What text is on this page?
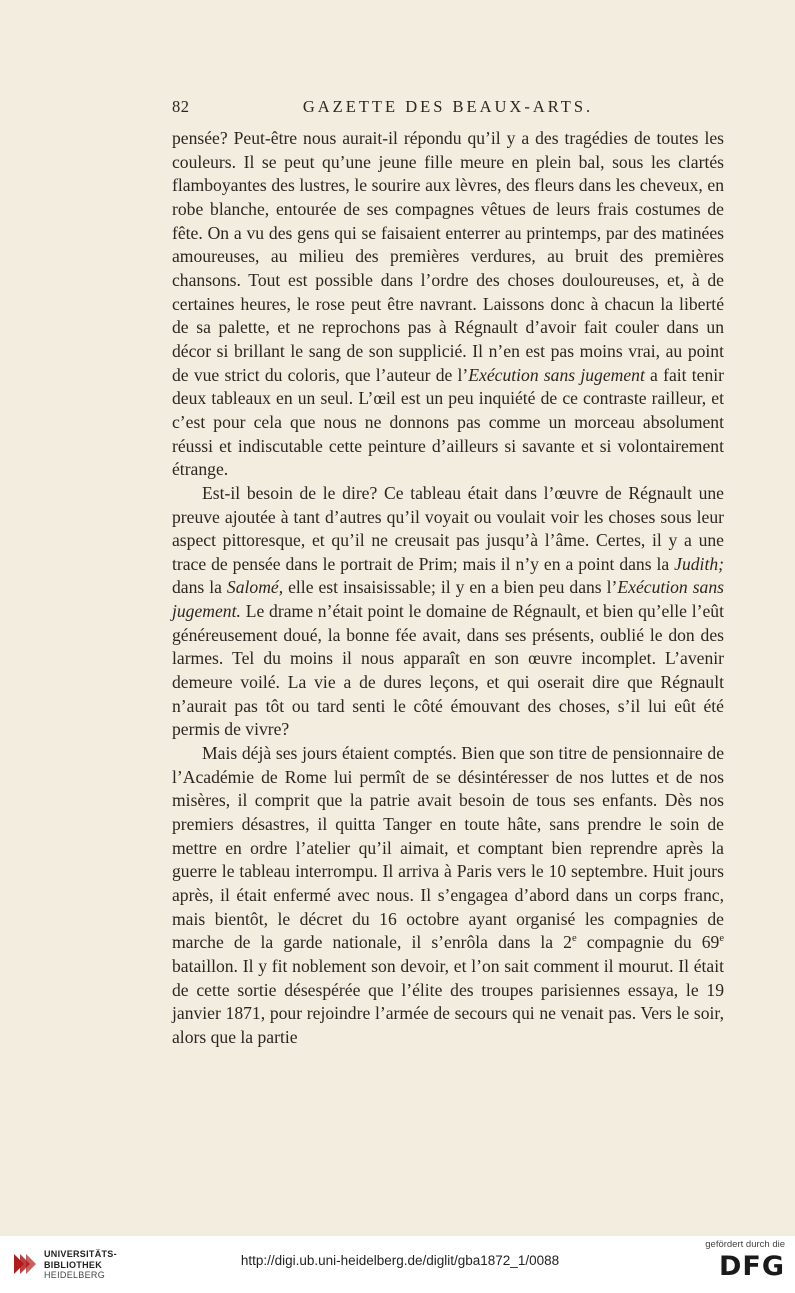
82	GAZETTE DES BEAUX-ARTS.

pensée? Peut-être nous aurait-il répondu qu’il y a des tragédies de toutes les couleurs. Il se peut qu’une jeune fille meure en plein bal, sous les clartés flamboyantes des lustres, le sourire aux lèvres, des fleurs dans les cheveux, en robe blanche, entourée de ses compagnes vêtues de leurs frais costumes de fête. On a vu des gens qui se faisaient enterrer au printemps, par des matinées amoureuses, au milieu des premières verdures, au bruit des premières chansons. Tout est possible dans l’ordre des choses douloureuses, et, à de certaines heures, le rose peut être navrant. Laissons donc à chacun la liberté de sa palette, et ne reprochons pas à Régnault d’avoir fait couler dans un décor si brillant le sang de son supplicié. Il n’en est pas moins vrai, au point de vue strict du coloris, que l’auteur de l’Exécution sans jugement a fait tenir deux tableaux en un seul. L’œil est un peu inquiété de ce contraste railleur, et c’est pour cela que nous ne donnons pas comme un morceau absolument réussi et indiscutable cette peinture d’ailleurs si savante et si volontairement étrange.

Est-il besoin de le dire? Ce tableau était dans l’œuvre de Régnault une preuve ajoutée à tant d’autres qu’il voyait ou voulait voir les choses sous leur aspect pittoresque, et qu’il ne creusait pas jusqu’à l’âme. Certes, il y a une trace de pensée dans le portrait de Prim; mais il n’y en a point dans la Judith; dans la Salomé, elle est insaisissable; il y en a bien peu dans l’Exécution sans jugement. Le drame n’était point le domaine de Régnault, et bien qu’elle l’eût généreusement doué, la bonne fée avait, dans ses présents, oublié le don des larmes. Tel du moins il nous apparaît en son œuvre incomplet. L’avenir demeure voilé. La vie a de dures leçons, et qui oserait dire que Régnault n’aurait pas tôt ou tard senti le côté émouvant des choses, s’il lui eût été permis de vivre?

Mais déjà ses jours étaient comptés. Bien que son titre de pensionnaire de l’Académie de Rome lui permît de se désintéresser de nos luttes et de nos misères, il comprit que la patrie avait besoin de tous ses enfants. Dès nos premiers désastres, il quitta Tanger en toute hâte, sans prendre le soin de mettre en ordre l’atelier qu’il aimait, et comptant bien reprendre après la guerre le tableau interrompu. Il arriva à Paris vers le 10 septembre. Huit jours après, il était enfermé avec nous. Il s’engagea d’abord dans un corps franc, mais bientôt, le décret du 16 octobre ayant organisé les compagnies de marche de la garde nationale, il s’enrôla dans la 2e compagnie du 69e bataillon. Il y fit noblement son devoir, et l’on sait comment il mourut. Il était de cette sortie désespérée que l’élite des troupes parisiennes essaya, le 19 janvier 1871, pour rejoindre l’armée de secours qui ne venait pas. Vers le soir, alors que la partie

UNIVERSITÄTS-
BIBLIOTHEK
HEIDELBERG
http://digi.ub.uni-heidelberg.de/diglit/gba1872_1/0088
gefördert durch die
DFG
